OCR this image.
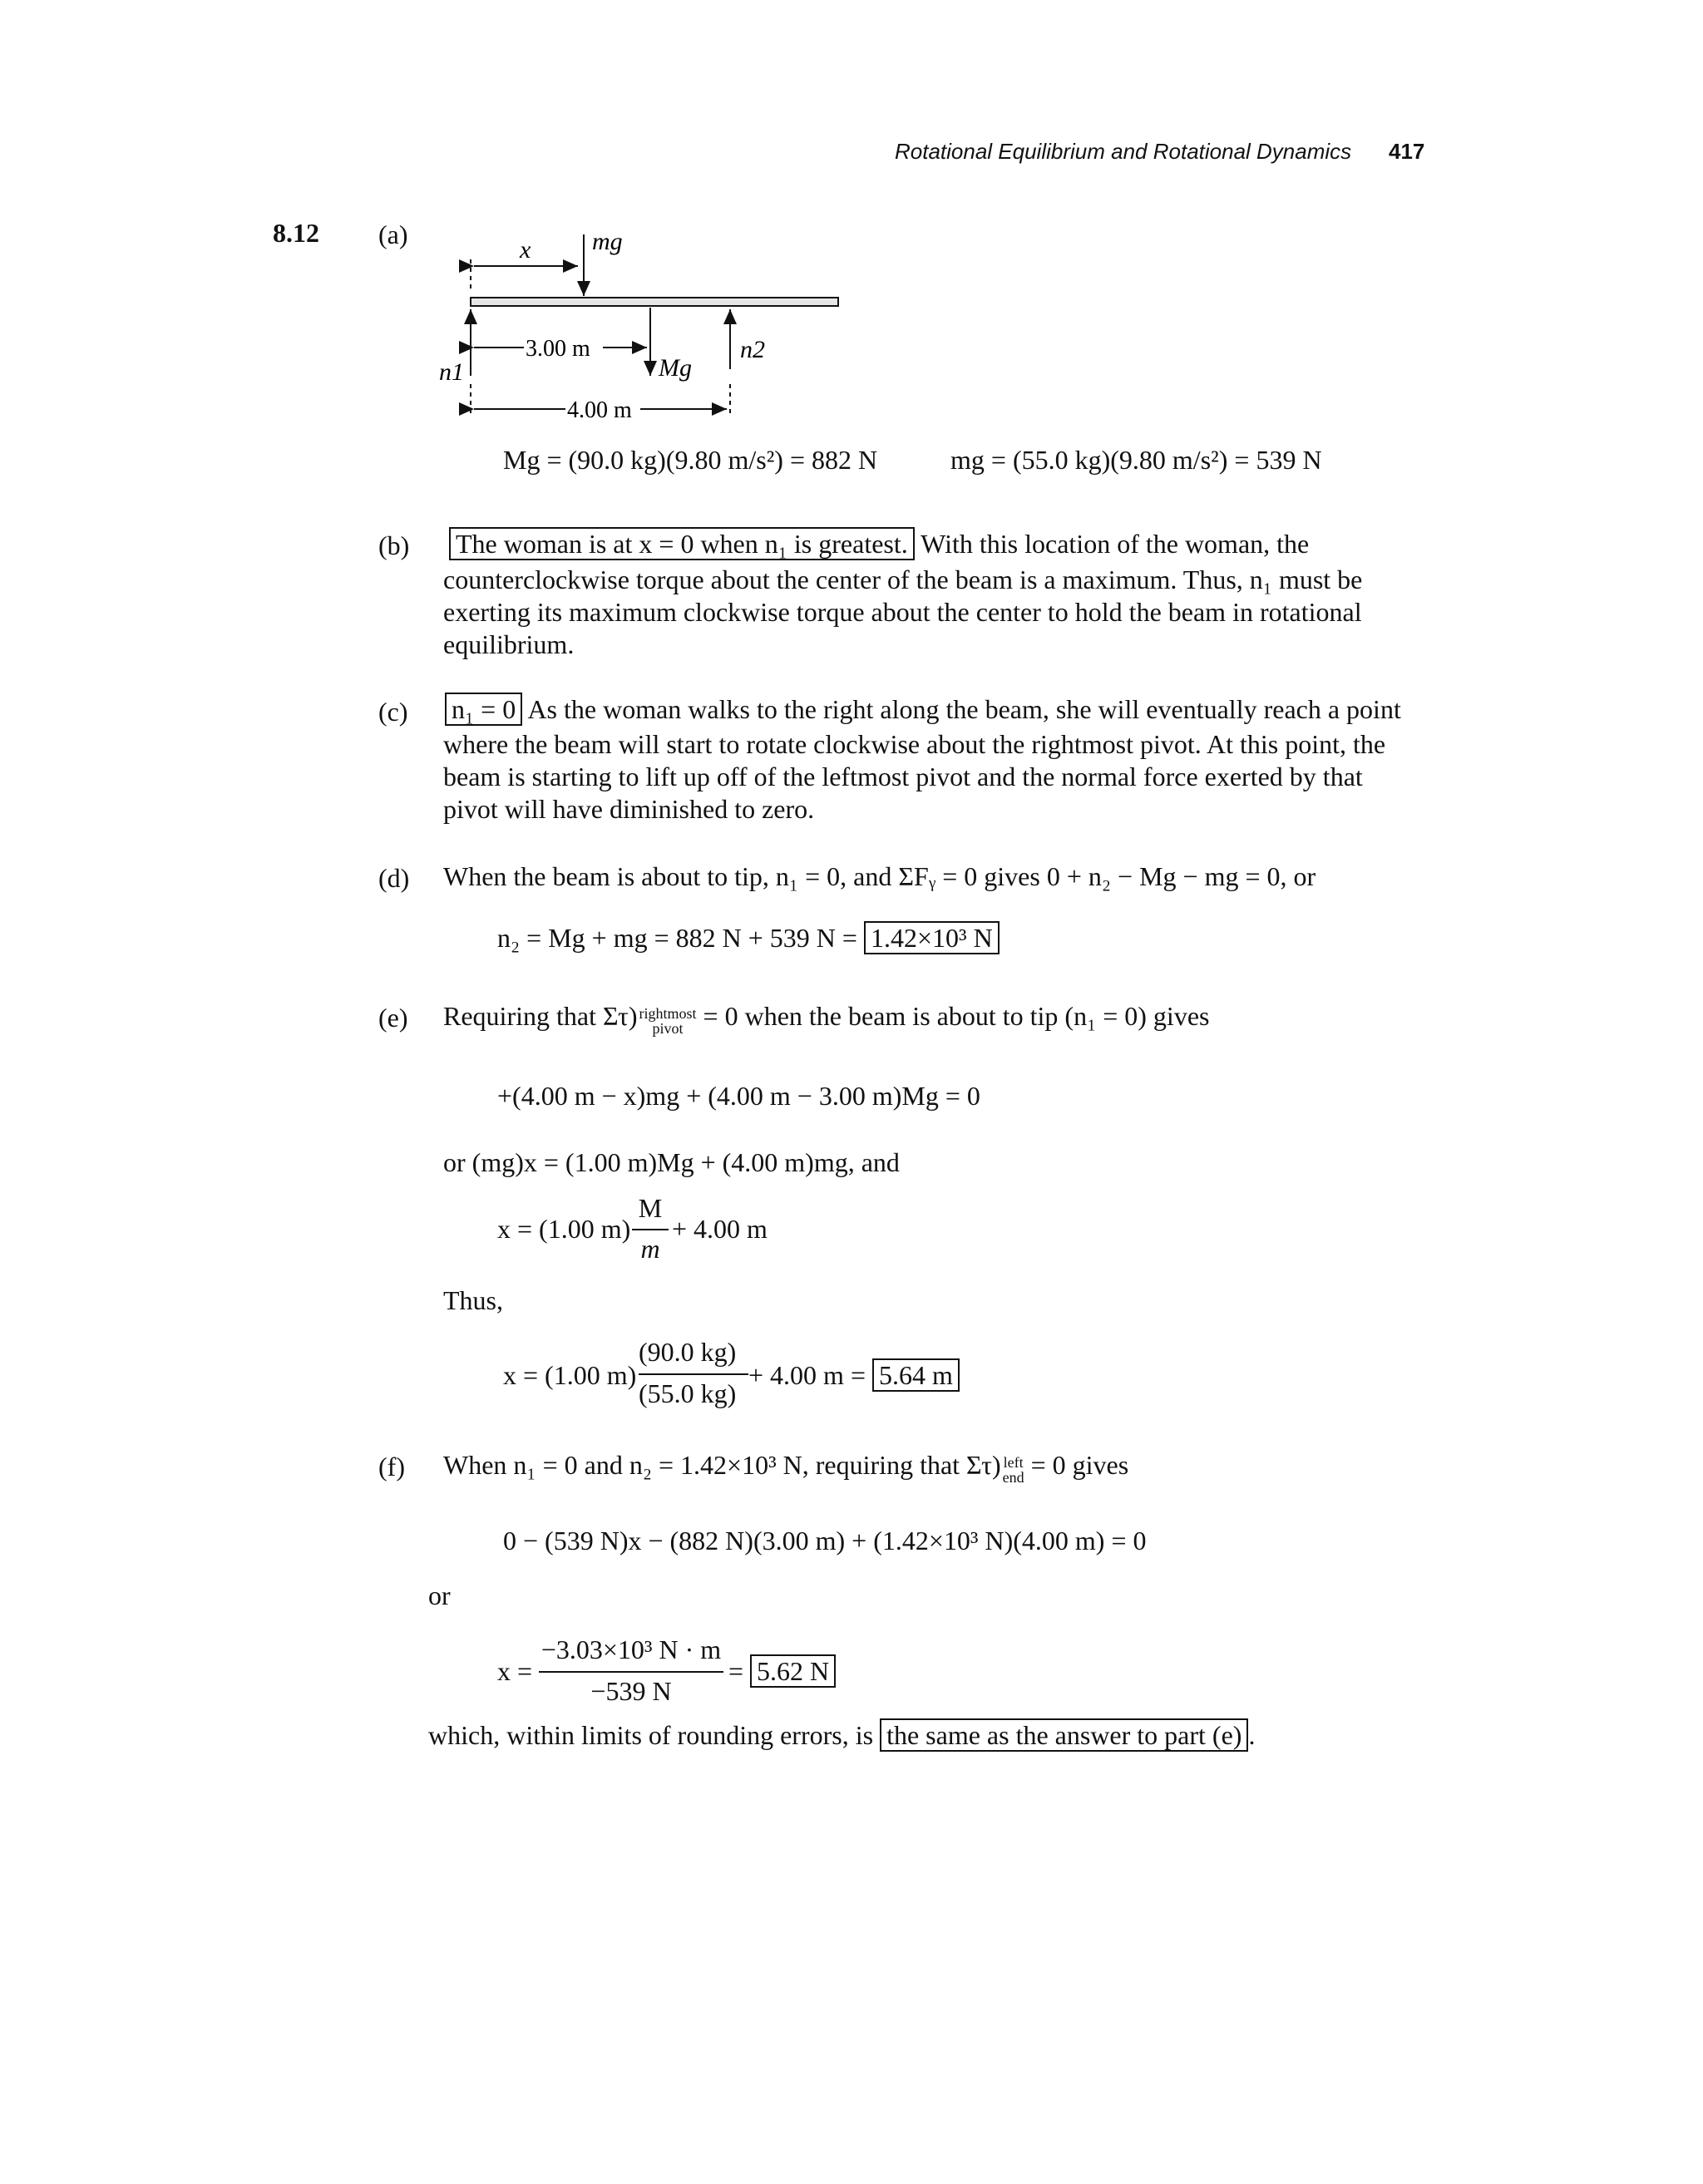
Rotational Equilibrium and Rotational Dynamics 417
8.12 (a)
x mg
n1
n2
Mg
3.00 m
4.00 m
Mg = (90.0 kg)(9.80 m/s²) = 882 N	mg = (55.0 kg)(9.80 m/s²) = 539 N
(b) The woman is at x = 0 when n₁ is greatest. With this location of the woman, the
counterclockwise torque about the center of the beam is a maximum. Thus, n₁ must be
exerting its maximum clockwise torque about the center to hold the beam in rotational
equilibrium.
(c) n₁ = 0 As the woman walks to the right along the beam, she will eventually reach a point
where the beam will start to rotate clockwise about the rightmost pivot. At this point, the
beam is starting to lift up off of the leftmost pivot and the normal force exerted by that
pivot will have diminished to zero.
(d) When the beam is about to tip, n₁ = 0, and ΣFᵧ = 0 gives 0 + n₂ − Mg − mg = 0, or
n₂ = Mg + mg = 882 N + 539 N = 1.42×10³ N
(e) Requiring that Στ) rightmost
pivot = 0 when the beam is about to tip (n₁ = 0) gives
+(4.00 m − x)mg + (4.00 m − 3.00 m)Mg = 0
or (mg)x = (1.00 m)Mg + (4.00 m)mg, and
x = (1.00 m)
M
m
+ 4.00 m
Thus,
x = (1.00 m)
(90.0 kg)
(55.0 kg)
+ 4.00 m = 5.64 m
(f) When n₁ = 0 and n₂ = 1.42×10³ N, requiring that Στ) left
end = 0 gives
0 − (539 N)x − (882 N)(3.00 m) + (1.42×10³ N)(4.00 m) = 0
or
x =
−3.03×10³ N · m
−539 N
= 5.62 N
which, within limits of rounding errors, is the same as the answer to part (e) .
